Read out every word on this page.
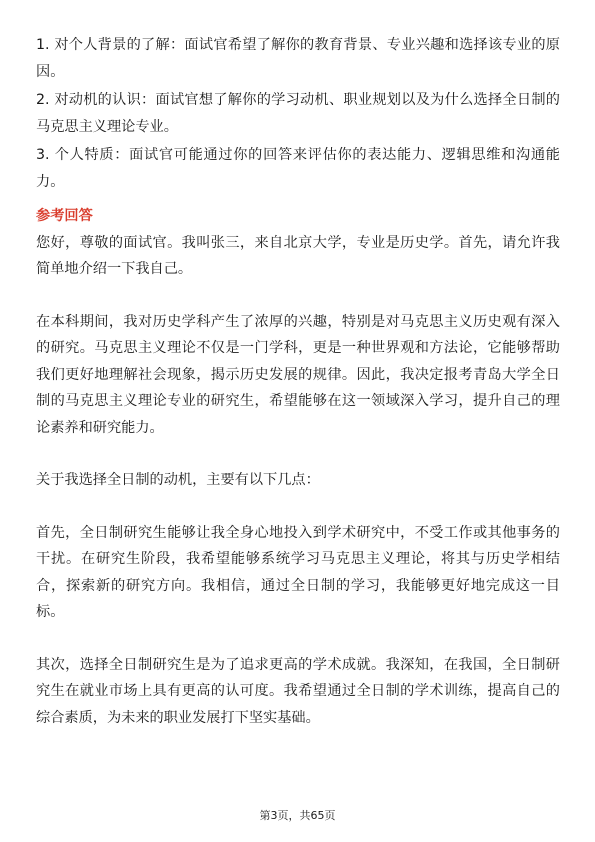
1. 对个人背景的了解：面试官希望了解你的教育背景、专业兴趣和选择该专业的原因。

2. 对动机的认识：面试官想了解你的学习动机、职业规划以及为什么选择全日制的马克思主义理论专业。

3. 个人特质：面试官可能通过你的回答来评估你的表达能力、逻辑思维和沟通能力。

参考回答

您好，尊敬的面试官。我叫张三，来自北京大学，专业是历史学。首先，请允许我简单地介绍一下我自己。

在本科期间，我对历史学科产生了浓厚的兴趣，特别是对马克思主义历史观有深入的研究。马克思主义理论不仅是一门学科，更是一种世界观和方法论，它能够帮助我们更好地理解社会现象，揭示历史发展的规律。因此，我决定报考青岛大学全日制的马克思主义理论专业的研究生，希望能够在这一领域深入学习，提升自己的理论素养和研究能力。

关于我选择全日制的动机，主要有以下几点：

首先，全日制研究生能够让我全身心地投入到学术研究中，不受工作或其他事务的干扰。在研究生阶段，我希望能够系统学习马克思主义理论，将其与历史学相结合，探索新的研究方向。我相信，通过全日制的学习，我能够更好地完成这一目标。

其次，选择全日制研究生是为了追求更高的学术成就。我深知，在我国，全日制研究生在就业市场上具有更高的认可度。我希望通过全日制的学术训练，提高自己的综合素质，为未来的职业发展打下坚实基础。

第3页，共65页
